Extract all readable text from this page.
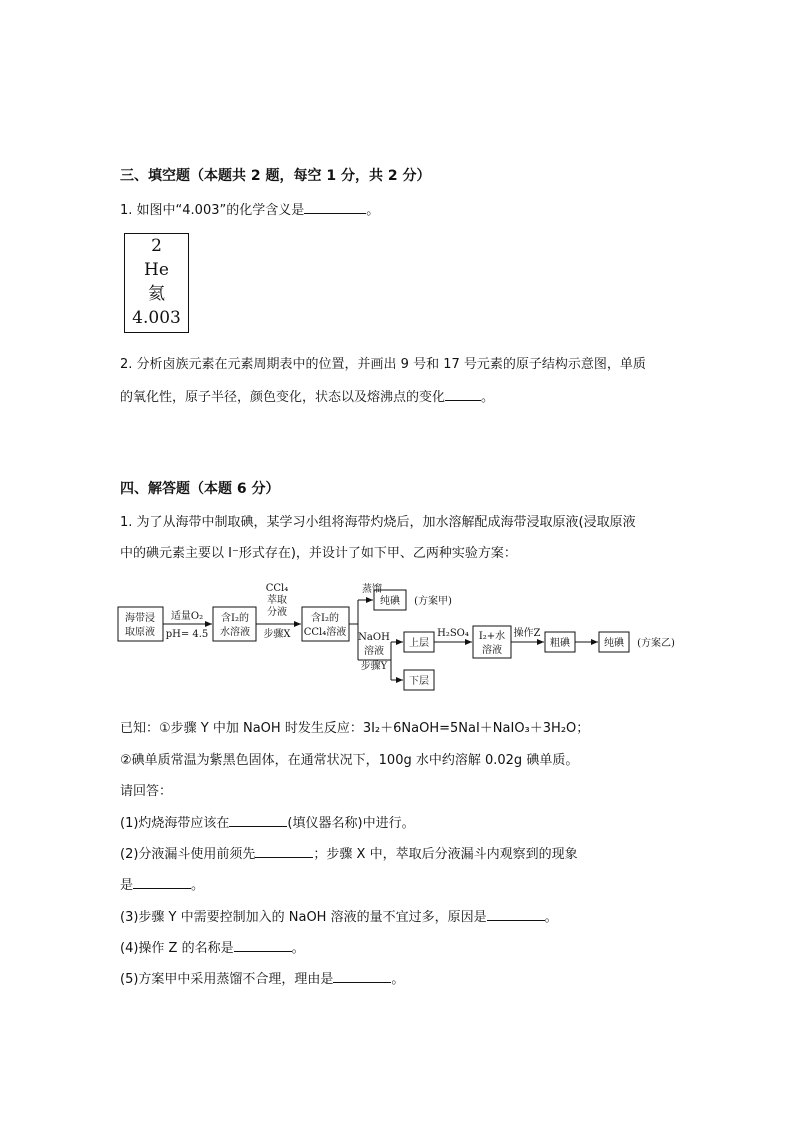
三、填空题（本题共 2 题，每空 1 分，共 2 分）
1. 如图中“4.003”的化学含义是	。
2
He
氦
4.003
2. 分析卤族元素在元素周期表中的位置，并画出 9 号和 17 号元素的原子结构示意图，单质
的氧化性，原子半径，颜色变化，状态以及熔沸点的变化	。
四、解答题（本题 6 分）
1. 为了从海带中制取碘，某学习小组将海带灼烧后，加水溶解配成海带浸取原液(浸取原液
中的碘元素主要以 I⁻形式存在)，并设计了如下甲、乙两种实验方案：
海带浸
取原液
适量O₂
pH= 4.5
含I₂的
水溶液
CCl₄
萃取
分液
步骤X
含I₂的
CCl₄溶液
蒸馏
纯碘 (方案甲)
NaOH
溶液
步骤Y
上层
下层
H₂SO₄ I₂+水
溶液
操作Z
粗碘	纯碘 (方案乙)
已知：①步骤 Y 中加 NaOH 时发生反应：3I₂＋6NaOH=5NaI＋NaIO₃＋3H₂O；
②碘单质常温为紫黑色固体，在通常状况下，100g 水中约溶解 0.02g 碘单质。
请回答：
(1)灼烧海带应该在	(填仪器名称)中进行。
(2)分液漏斗使用前须先	；步骤 X 中，萃取后分液漏斗内观察到的现象
是	。
(3)步骤 Y 中需要控制加入的 NaOH 溶液的量不宜过多，原因是	。
(4)操作 Z 的名称是	。
(5)方案甲中采用蒸馏不合理，理由是	。
